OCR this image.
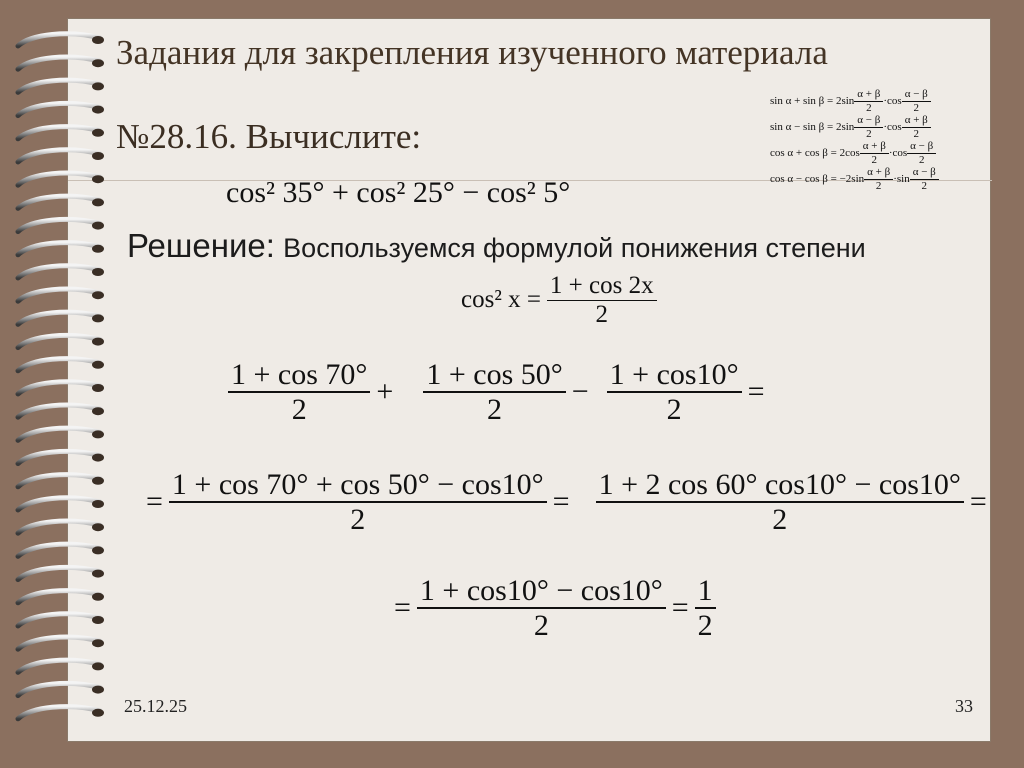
Задания для закрепления изученного материала
№28.16. Вычислите:
cos² 35° + cos² 25° − cos² 5°
$\sin \alpha + \sin \beta = 2\sin \frac{\alpha + \beta}{2} \cdot\cos \frac{\alpha - \beta}{2}$
$\sin \alpha - \sin \beta = 2\sin \frac{\alpha - \beta}{2} \cdot\cos \frac{\alpha + \beta}{2}$
$\cos \alpha + \cos \beta = 2\cos \frac{\alpha + \beta}{2} \cdot\cos \frac{\alpha - \beta}{2}$
$\cos \alpha - \cos \beta = -2\sin \frac{\alpha + \beta}{2} \cdot\sin \frac{\alpha - \beta}{2}$
Решение: Воспользуемся формулой понижения степени
cos² $x = \frac{1 + \cos 2x}{2}$
$\frac{1 + \cos 70^\circ}{2} + \frac{1 + \cos 50^\circ}{2} - \frac{1 + \cos 10^\circ}{2}$ =
= $\frac{1 + \cos 70^\circ + \cos 50^\circ - \cos 10^\circ}{2} = \frac{1 + 2 \cos 60^\circ \cos 10^\circ - \cos 10^\circ}{2}$ =
= $\frac{1 + \cos 10^\circ - \cos 10^\circ}{2} = \frac{1}{2}$
25.12.25	33
